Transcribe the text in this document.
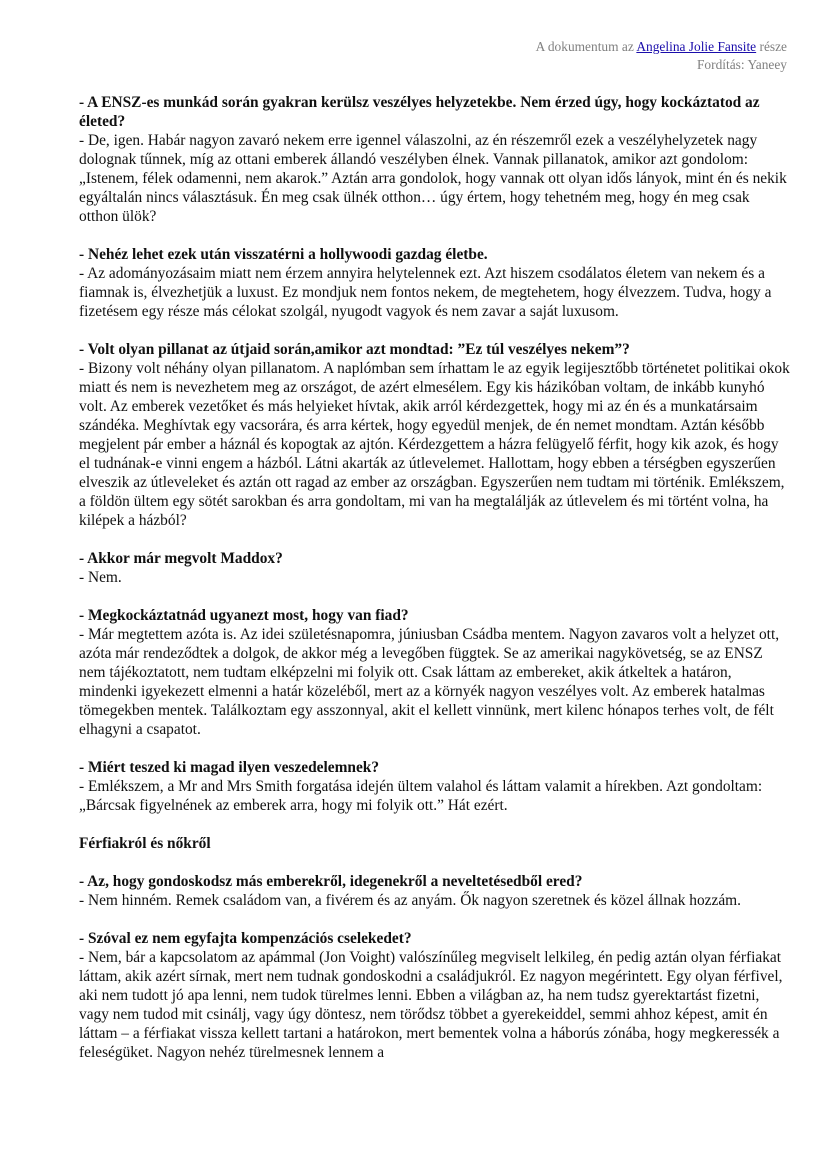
A dokumentum az Angelina Jolie Fansite része
Fordítás: Yaneey

- A ENSZ-es munkád során gyakran kerülsz veszélyes helyzetekbe. Nem érzed úgy, hogy kockáztatod az életed?

- De, igen. Habár nagyon zavaró nekem erre igennel válaszolni, az én részemről ezek a veszélyhelyzetek nagy dolognak tűnnek, míg az ottani emberek állandó veszélyben élnek. Vannak pillanatok, amikor azt gondolom: „Istenem, félek odamenni, nem akarok.” Aztán arra gondolok, hogy vannak ott olyan idős lányok, mint én és nekik egyáltalán nincs választásuk. Én meg csak ülnék otthon… úgy értem, hogy tehetném meg, hogy én meg csak otthon ülök?

- Nehéz lehet ezek után visszatérni a hollywoodi gazdag életbe.

- Az adományozásaim miatt nem érzem annyira helytelennek ezt. Azt hiszem csodálatos életem van nekem és a fiamnak is, élvezhetjük a luxust. Ez mondjuk nem fontos nekem, de megtehetem, hogy élvezzem. Tudva, hogy a fizetésem egy része más célokat szolgál, nyugodt vagyok és nem zavar a saját luxusom.

- Volt olyan pillanat az útjaid során,amikor azt mondtad: ”Ez túl veszélyes nekem”?

- Bizony volt néhány olyan pillanatom. A naplómban sem írhattam le az egyik legijesztőbb történetet politikai okok miatt és nem is nevezhetem meg az országot, de azért elmesélem. Egy kis házikóban voltam, de inkább kunyhó volt. Az emberek vezetőket és más helyieket hívtak, akik arról kérdezgettek, hogy mi az én és a munkatársaim szándéka. Meghívtak egy vacsorára, és arra kértek, hogy egyedül menjek, de én nemet mondtam. Aztán később megjelent pár ember a háznál és kopogtak az ajtón. Kérdezgettem a házra felügyelő férfit, hogy kik azok, és hogy el tudnának-e vinni engem a házból. Látni akarták az útlevelemet. Hallottam, hogy ebben a térségben egyszerűen elveszik az útleveleket és aztán ott ragad az ember az országban. Egyszerűen nem tudtam mi történik. Emlékszem, a földön ültem egy sötét sarokban és arra gondoltam, mi van ha megtalálják az útlevelem és mi történt volna, ha kilépek a házból?

- Akkor már megvolt Maddox?

- Nem.

- Megkockáztatnád ugyanezt most, hogy van fiad?

- Már megtettem azóta is. Az idei születésnapomra, júniusban Csádba mentem. Nagyon zavaros volt a helyzet ott, azóta már rendeződtek a dolgok, de akkor még a levegőben függtek. Se az amerikai nagykövetség, se az ENSZ nem tájékoztatott, nem tudtam elképzelni mi folyik ott. Csak láttam az embereket, akik átkeltek a határon, mindenki igyekezett elmenni a határ közeléből, mert az a környék nagyon veszélyes volt. Az emberek hatalmas tömegekben mentek. Találkoztam egy asszonnyal, akit el kellett vinnünk, mert kilenc hónapos terhes volt, de félt elhagyni a csapatot.

- Miért teszed ki magad ilyen veszedelemnek?

- Emlékszem, a Mr and Mrs Smith forgatása idején ültem valahol és láttam valamit a hírekben. Azt gondoltam: „Bárcsak figyelnének az emberek arra, hogy mi folyik ott.” Hát ezért.

Férfiakról és nőkről

- Az, hogy gondoskodsz más emberekről, idegenekről a neveltetésedből ered?

- Nem hinném. Remek családom van, a fivérem és az anyám. Ők nagyon szeretnek és közel állnak hozzám.

- Szóval ez nem egyfajta kompenzációs cselekedet?

- Nem, bár a kapcsolatom az apámmal (Jon Voight) valószínűleg megviselt lelkileg, én pedig aztán olyan férfiakat láttam, akik azért sírnak, mert nem tudnak gondoskodni a családjukról. Ez nagyon megérintett. Egy olyan férfivel, aki nem tudott jó apa lenni, nem tudok türelmes lenni. Ebben a világban az, ha nem tudsz gyerektartást fizetni, vagy nem tudod mit csinálj, vagy úgy döntesz, nem törődsz többet a gyerekeiddel, semmi ahhoz képest, amit én láttam – a férfiakat vissza kellett tartani a határokon, mert bementek volna a háborús zónába, hogy megkeressék a feleségüket. Nagyon nehéz türelmesnek lennem a
